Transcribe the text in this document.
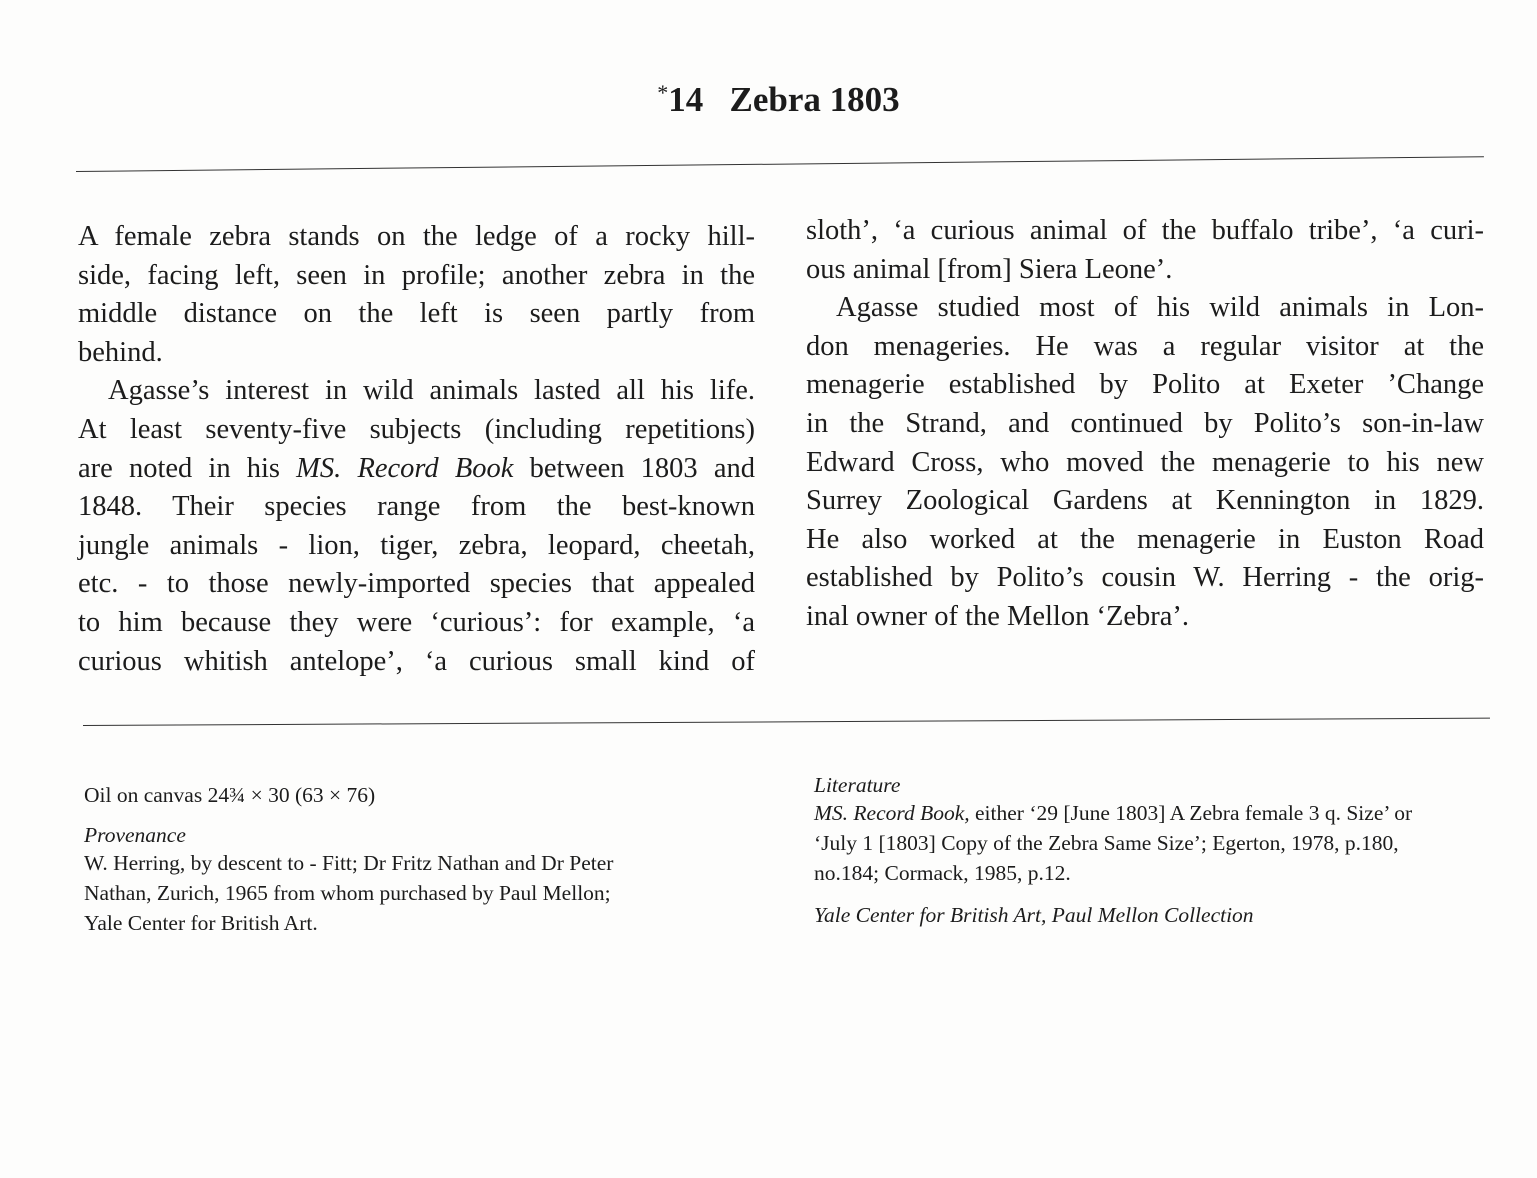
*14 Zebra 1803
A female zebra stands on the ledge of a rocky hill-
side, facing left, seen in profile; another zebra in the
middle distance on the left is seen partly from
behind.
Agasse’s interest in wild animals lasted all his life.
At least seventy-five subjects (including repetitions)
are noted in his MS. Record Book between 1803 and
1848. Their species range from the best-known
jungle animals - lion, tiger, zebra, leopard, cheetah,
etc. - to those newly-imported species that appealed
to him because they were ‘curious’: for example, ‘a
curious whitish antelope’, ‘a curious small kind of
sloth’, ‘a curious animal of the buffalo tribe’, ‘a curi-
ous animal [from] Siera Leone’.
Agasse studied most of his wild animals in Lon-
don menageries. He was a regular visitor at the
menagerie established by Polito at Exeter ’Change
in the Strand, and continued by Polito’s son-in-law
Edward Cross, who moved the menagerie to his new
Surrey Zoological Gardens at Kennington in 1829.
He also worked at the menagerie in Euston Road
established by Polito’s cousin W. Herring - the orig-
inal owner of the Mellon ‘Zebra’.
Oil on canvas 24¾ × 30 (63 × 76)
Provenance
W. Herring, by descent to - Fitt; Dr Fritz Nathan and Dr Peter
Nathan, Zurich, 1965 from whom purchased by Paul Mellon;
Yale Center for British Art.
Literature
MS. Record Book, either ‘29 [June 1803] A Zebra female 3 q. Size’ or
‘July 1 [1803] Copy of the Zebra Same Size’; Egerton, 1978, p.180,
no.184; Cormack, 1985, p.12.
Yale Center for British Art, Paul Mellon Collection
